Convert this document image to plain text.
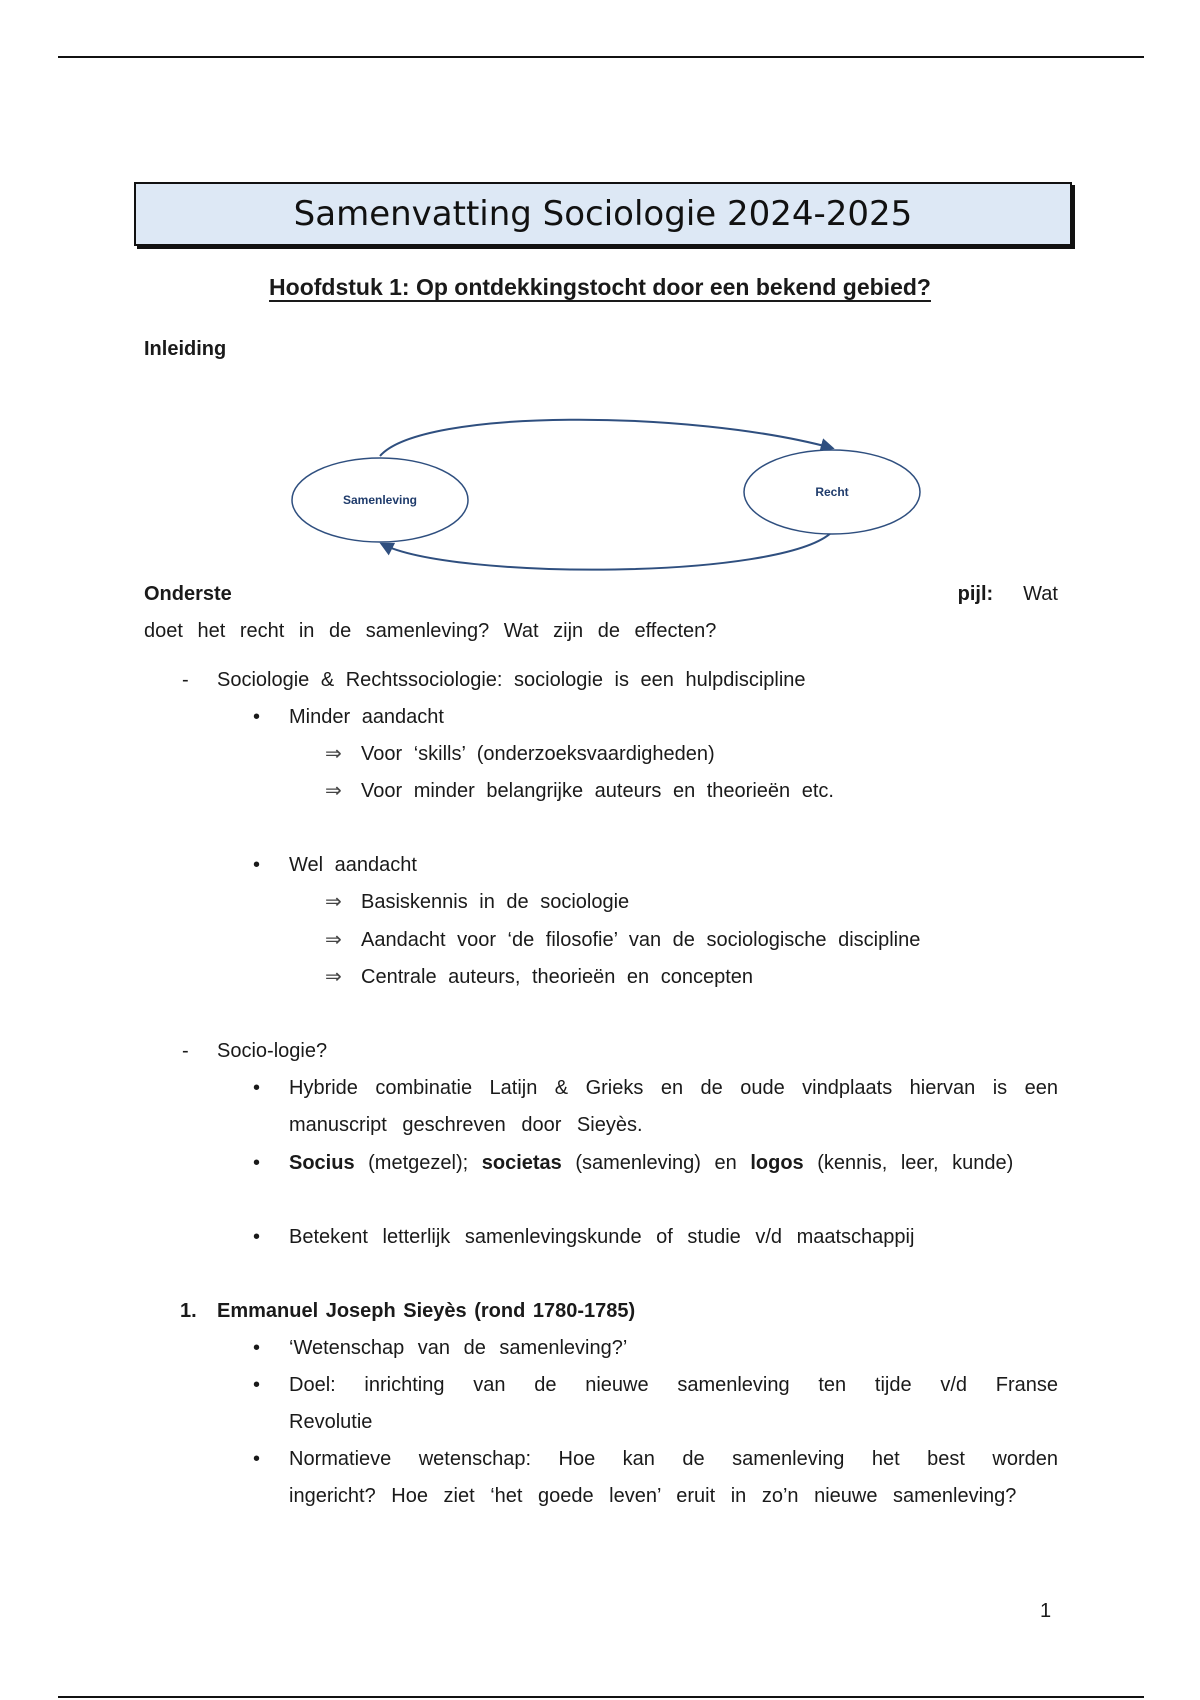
Samenvatting Sociologie 2024-2025
Hoofdstuk 1: Op ontdekkingstocht door een bekend gebied?
Inleiding
Samenleving
Recht
Onderste	pijl: Wat
doet het recht in de samenleving? Wat zijn de effecten?
- Sociologie & Rechtssociologie: sociologie is een hulpdiscipline
• Minder aandacht
⇒ Voor ‘skills’ (onderzoeksvaardigheden)
⇒ Voor minder belangrijke auteurs en theorieën etc.
• Wel aandacht
⇒ Basiskennis in de sociologie
⇒ Aandacht voor ‘de filosofie’ van de sociologische discipline
⇒ Centrale auteurs, theorieën en concepten
- Socio-logie?
• Hybride combinatie Latijn & Grieks en de oude vindplaats hiervan is een manuscript geschreven door Sieyès.
• Socius (metgezel); societas (samenleving) en logos (kennis, leer, kunde)
• Betekent letterlijk samenlevingskunde of studie v/d maatschappij
1. Emmanuel Joseph Sieyès (rond 1780-1785)
• ‘Wetenschap van de samenleving?’
• Doel: inrichting van de nieuwe samenleving ten tijde v/d Franse Revolutie
• Normatieve wetenschap: Hoe kan de samenleving het best worden ingericht? Hoe ziet ‘het goede leven’ eruit in zo’n nieuwe samenleving?
1
